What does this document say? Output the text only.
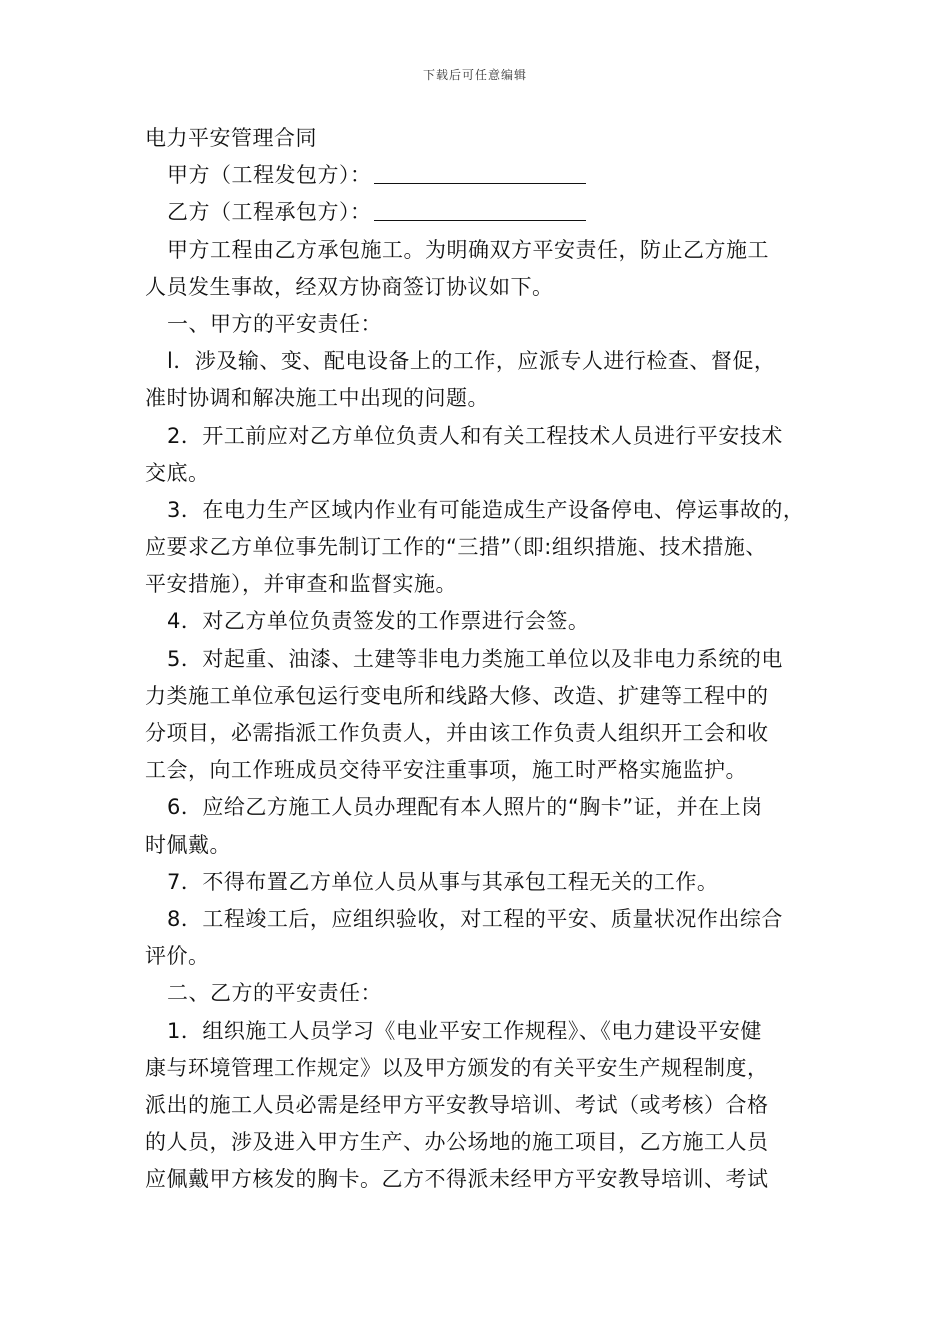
下载后可任意编辑
电力平安管理合同
甲方（工程发包方）：
乙方（工程承包方）：
甲方工程由乙方承包施工。为明确双方平安责任，防止乙方施工
人员发生事故，经双方协商签订协议如下。
一、甲方的平安责任：
l．涉及输、变、配电设备上的工作，应派专人进行检查、督促，
准时协调和解决施工中出现的问题。
2．开工前应对乙方单位负责人和有关工程技术人员进行平安技术
交底。
3．在电力生产区域内作业有可能造成生产设备停电、停运事故的，
应要求乙方单位事先制订工作的“三措”（即:组织措施、技术措施、
平安措施），并审查和监督实施。
4．对乙方单位负责签发的工作票进行会签。
5．对起重、油漆、土建等非电力类施工单位以及非电力系统的电
力类施工单位承包运行变电所和线路大修、改造、扩建等工程中的
分项目，必需指派工作负责人，并由该工作负责人组织开工会和收
工会，向工作班成员交待平安注重事项，施工时严格实施监护。
6．应给乙方施工人员办理配有本人照片的“胸卡”证，并在上岗
时佩戴。
7．不得布置乙方单位人员从事与其承包工程无关的工作。
8．工程竣工后，应组织验收，对工程的平安、质量状况作出综合
评价。
二、乙方的平安责任：
1．组织施工人员学习《电业平安工作规程》、《电力建设平安健
康与环境管理工作规定》以及甲方颁发的有关平安生产规程制度，
派出的施工人员必需是经甲方平安教导培训、考试（或考核）合格
的人员，涉及进入甲方生产、办公场地的施工项目，乙方施工人员
应佩戴甲方核发的胸卡。乙方不得派未经甲方平安教导培训、考试
